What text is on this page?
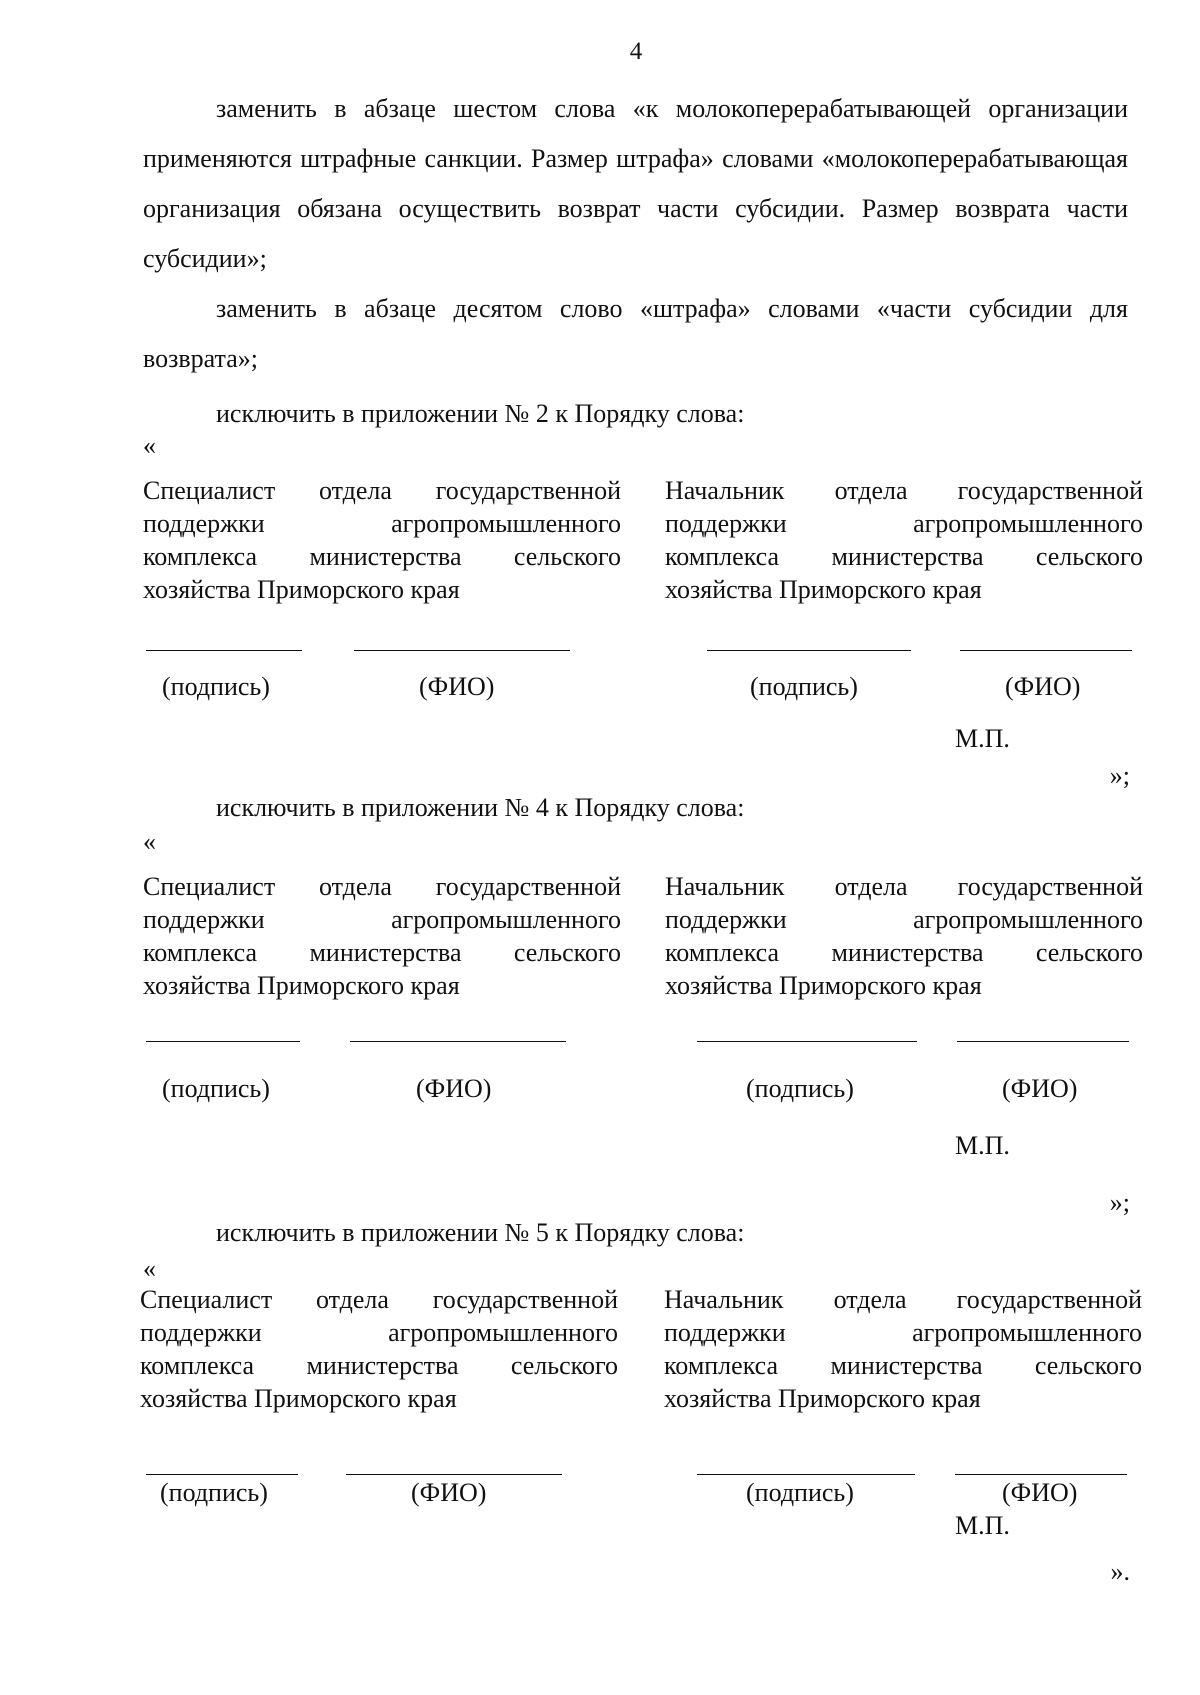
4

заменить в абзаце шестом слова «к молокоперерабатывающей организации применяются штрафные санкции. Размер штрафа» словами «молокоперерабатывающая организация обязана осуществить возврат части субсидии. Размер возврата части субсидии»;

заменить в абзаце десятом слово «штрафа» словами «части субсидии для возврата»;

исключить в приложении № 2 к Порядку слова:
«
Специалист отдела государственной
поддержки агропромышленного
комплекса министерства сельского
хозяйства Приморского края
Начальник отдела государственной
поддержки агропромышленного
комплекса министерства сельского
хозяйства Приморского края
(подпись)	(ФИО)	(подпись)	(ФИО)
М.П.
»;
исключить в приложении № 4 к Порядку слова:
«
Специалист отдела государственной
поддержки агропромышленного
комплекса министерства сельского
хозяйства Приморского края
Начальник отдела государственной
поддержки агропромышленного
комплекса министерства сельского
хозяйства Приморского края
(подпись)	(ФИО)	(подпись)	(ФИО)
М.П.
»;
исключить в приложении № 5 к Порядку слова:
«
Специалист отдела государственной
поддержки агропромышленного
комплекса министерства сельского
хозяйства Приморского края
Начальник отдела государственной
поддержки агропромышленного
комплекса министерства сельского
хозяйства Приморского края
(подпись)	(ФИО)	(подпись)	(ФИО)
М.П.
».
